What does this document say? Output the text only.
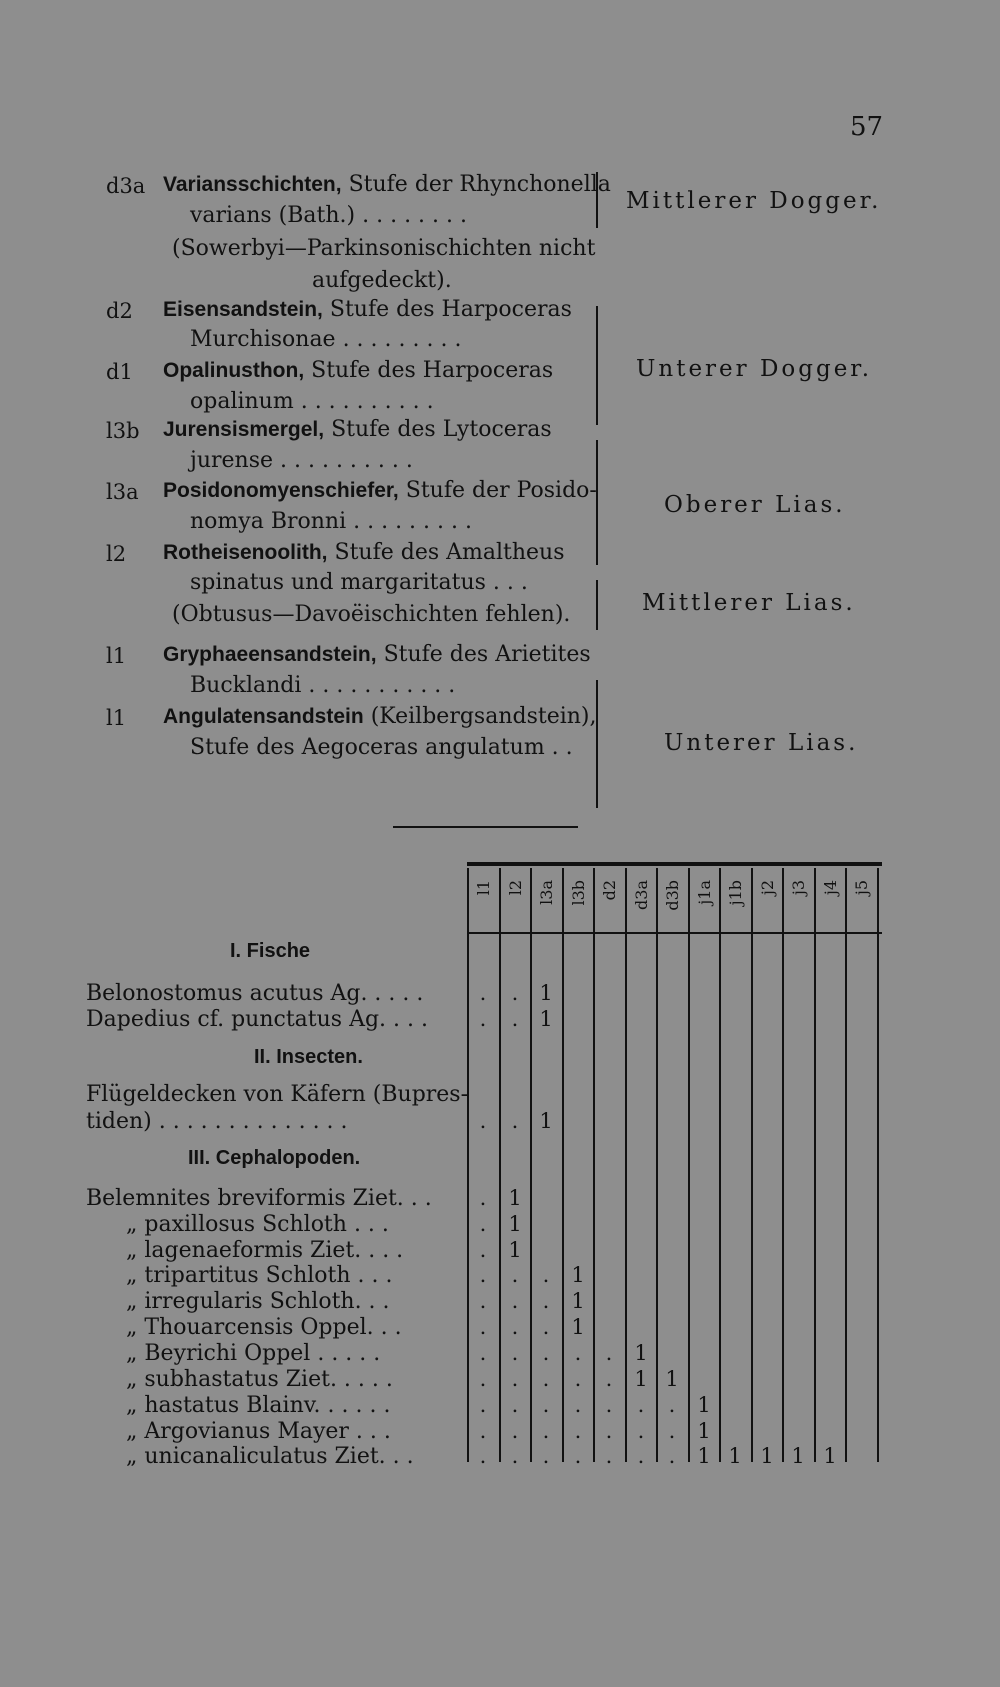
57
d3a Variansschichten, Stufe der Rhynchonella
varians (Bath.) . . . . . . . .
(Sowerbyi—Parkinsonischichten nicht
aufgedeckt).
d2 Eisensandstein, Stufe des Harpoceras
Murchisonae . . . . . . . . .
d1 Opalinusthon, Stufe des Harpoceras
opalinum . . . . . . . . . .
l3b Jurensismergel, Stufe des Lytoceras
jurense . . . . . . . . . .
l3a Posidonomyenschiefer, Stufe der Posido-
nomya Bronni . . . . . . . . .
l2 Rotheisenoolith, Stufe des Amaltheus
spinatus und margaritatus . . .
(Obtusus—Davoëischichten fehlen).
l1 Gryphaeensandstein, Stufe des Arietites
Bucklandi . . . . . . . . . . .
l1 Angulatensandstein (Keilbergsandstein),
Stufe des Aegoceras angulatum . .
Mittlerer Dogger.
Unterer Dogger.
Oberer Lias.
Mittlerer Lias.
Unterer Lias.
l1 l2 l3a l3b d2 d3a d3b j1a j1b j2 j3 j4 j5
I. Fische
II. Insecten.
III. Cephalopoden.
Belonostomus acutus Ag. . . . .	.	. 1
Dapedius cf. punctatus Ag. . . .	.	. 1
Flügeldecken von Käfern (Bupres-
tiden) . . . . . . . . . . . . . .	.	. 1
Belemnites breviformis Ziet. . .	.	1
„ paxillosus Schloth . . .	.	1
„ lagenaeformis Ziet. . . .	.	1
„ tripartitus Schloth . . .	.	.	.	1
„ irregularis Schloth. . .	.	.	.	1
„ Thouarcensis Oppel. . .	.	.	.	1
„ Beyrichi Oppel . . . . .	.	.	.	.	.	1
„ subhastatus Ziet. . . . .	.	.	.	.	.	1 1
„ hastatus Blainv. . . . . .	.	.	.	.	.	.	.	1
„ Argovianus Mayer . . .	.	.	.	.	.	.	.	1
„ unicanaliculatus Ziet. . .	.	.	.	.	.	.	.	1 1 1 1 1
